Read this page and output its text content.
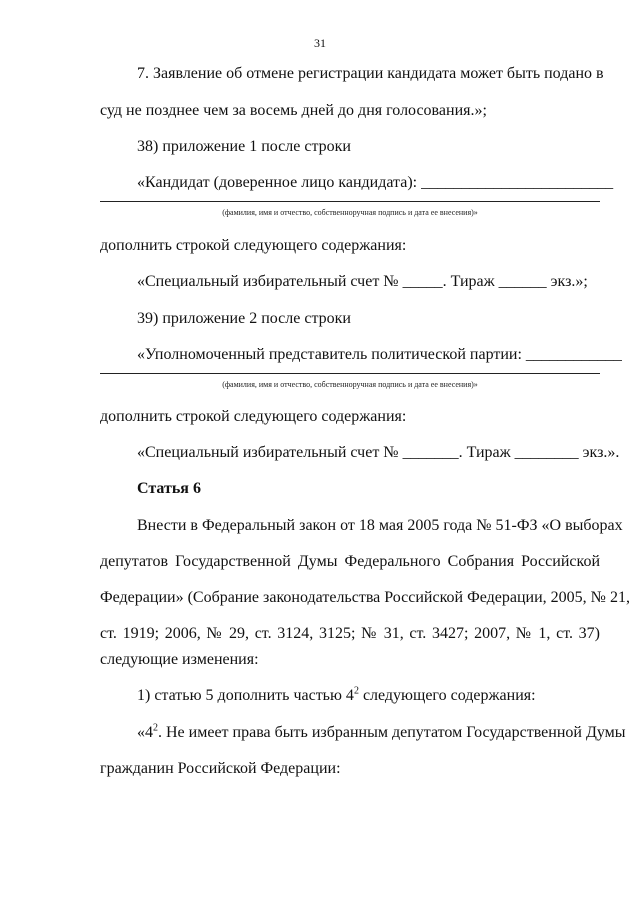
31
7. Заявление об отмене регистрации кандидата может быть подано в
суд не позднее чем за восемь дней до дня голосования.»;
38) приложение 1 после строки
«Кандидат (доверенное лицо кандидата): ________________________
(фамилия, имя и отчество, собственноручная подпись и дата ее внесения)»
дополнить строкой следующего содержания:
«Специальный избирательный счет № _____. Тираж ______ экз.»;
39) приложение 2 после строки
«Уполномоченный представитель политической партии: ____________
(фамилия, имя и отчество, собственноручная подпись и дата ее внесения)»
дополнить строкой следующего содержания:
«Специальный избирательный счет № _______. Тираж ________ экз.».
Статья 6
Внести в Федеральный закон от 18 мая 2005 года № 51-ФЗ «О выборах
депутатов Государственной Думы Федерального Собрания Российской
Федерации» (Собрание законодательства Российской Федерации, 2005, № 21,
ст. 1919; 2006, № 29, ст. 3124, 3125; № 31, ст. 3427; 2007, № 1, ст. 37)
следующие изменения:
1) статью 5 дополнить частью $4^2$ следующего содержания:
«$4^2$. Не имеет права быть избранным депутатом Государственной Думы
гражданин Российской Федерации:
